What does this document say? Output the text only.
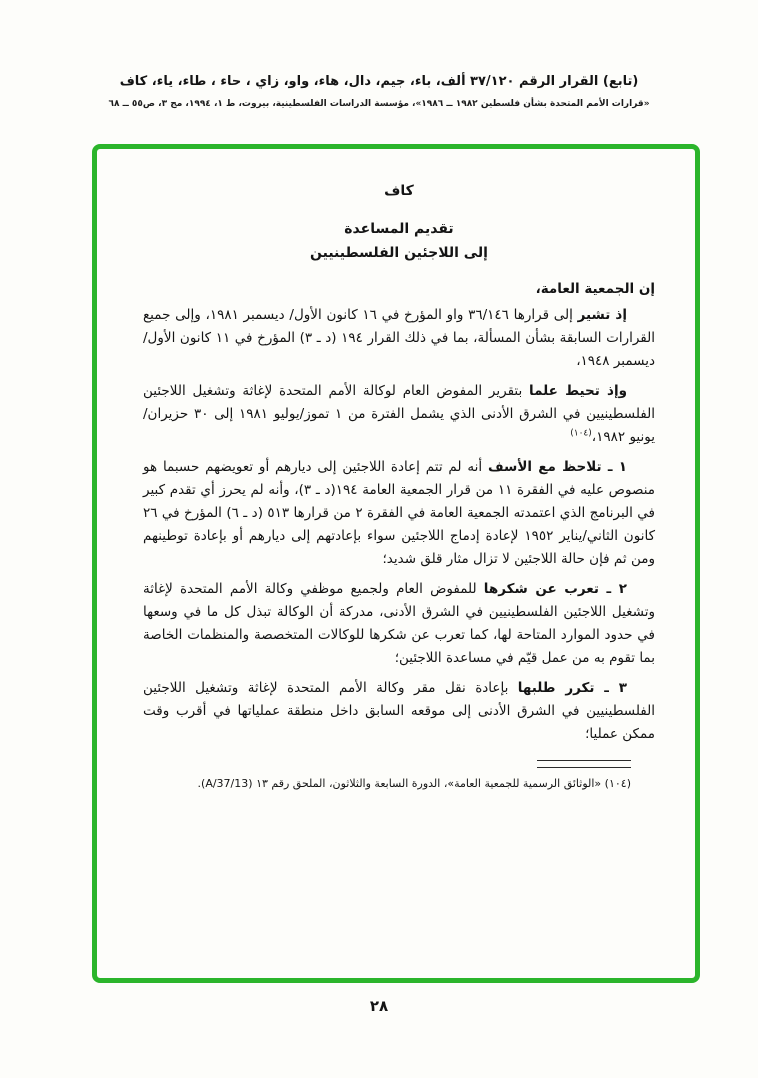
(تابع) القرار الرقم ٣٧/١٢٠ ألف، باء، جيم، دال، هاء، واو، زاي ، حاء ، طاء، ياء، كاف
«قرارات الأمم المتحدة بشأن فلسطين ١٩٨٢ ــ ١٩٨٦»، مؤسسة الدراسات الفلسطينية، بيروت، ط ١، ١٩٩٤، مج ٣، ص٥٥ ــ ٦٨
كاف
تقديم المساعدة
إلى اللاجئين الفلسطينيين
إن الجمعية العامة،

إذ تشير إلى قرارها ٣٦/١٤٦ واو المؤرخ في ١٦ كانون الأول/ ديسمبر ١٩٨١، وإلى جميع القرارات السابقة بشأن المسألة، بما في ذلك القرار ١٩٤ (د ـ ٣) المؤرخ في ١١ كانون الأول/ديسمبر ١٩٤٨،

وإذ تحيط علما بتقرير المفوض العام لوكالة الأمم المتحدة لإغاثة وتشغيل اللاجئين الفلسطينيين في الشرق الأدنى الذي يشمل الفترة من ١ تموز/يوليو ١٩٨١ إلى ٣٠ حزيران/يونيو ١٩٨٢،$^{(١٠٤)}$

١ ـ تلاحظ مع الأسف أنه لم تتم إعادة اللاجئين إلى ديارهم أو تعويضهم حسبما هو منصوص عليه في الفقرة ١١ من قرار الجمعية العامة ١٩٤(د ـ ٣)، وأنه لم يحرز أي تقدم كبير في البرنامج الذي اعتمدته الجمعية العامة في الفقرة ٢ من قرارها ٥١٣ (د ـ ٦) المؤرخ في ٢٦ كانون الثاني/يناير ١٩٥٢ لإعادة إدماج اللاجئين سواء بإعادتهم إلى ديارهم أو بإعادة توطينهم ومن ثم فإن حالة اللاجئين لا تزال مثار قلق شديد؛

٢ ـ تعرب عن شكرها للمفوض العام ولجميع موظفي وكالة الأمم المتحدة لإغاثة وتشغيل اللاجئين الفلسطينيين في الشرق الأدنى، مدركة أن الوكالة تبذل كل ما في وسعها في حدود الموارد المتاحة لها، كما تعرب عن شكرها للوكالات المتخصصة والمنظمات الخاصة بما تقوم به من عمل قيّم في مساعدة اللاجئين؛

٣ ـ تكرر طلبها بإعادة نقل مقر وكالة الأمم المتحدة لإغاثة وتشغيل اللاجئين الفلسطينيين في الشرق الأدنى إلى موقعه السابق داخل منطقة عملياتها في أقرب وقت ممكن عمليا؛

(١٠٤) «الوثائق الرسمية للجمعية العامة»، الدورة السابعة والثلاثون، الملحق رقم ١٣ (A/37/13).
٢٨
